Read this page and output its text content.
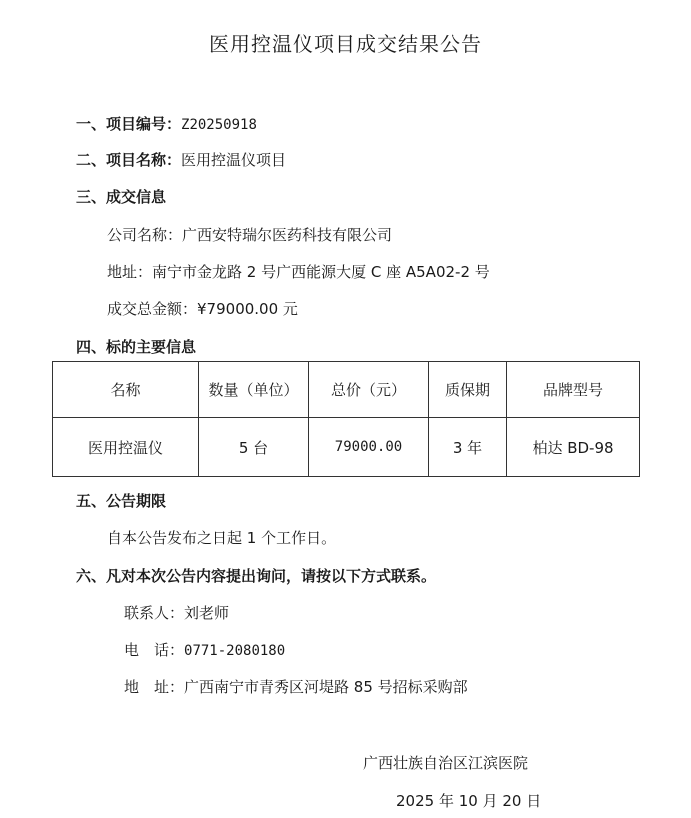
医用控温仪项目成交结果公告
一、项目编号：Z20250918
二、项目名称：医用控温仪项目
三、成交信息
公司名称：广西安特瑞尔医药科技有限公司
地址：南宁市金龙路 2 号广西能源大厦 C 座 A5A02-2 号
成交总金额：¥79000.00 元
四、标的主要信息
名称	数量（单位）	总价（元）	质保期	品牌型号
医用控温仪	5 台	79000.00	3 年	柏达 BD-98
五、公告期限
自本公告发布之日起 1 个工作日。
六、凡对本次公告内容提出询问，请按以下方式联系。
联系人：刘老师
电　话：0771-2080180
地　址：广西南宁市青秀区河堤路 85 号招标采购部
广西壮族自治区江滨医院
2025 年 10 月 20 日
